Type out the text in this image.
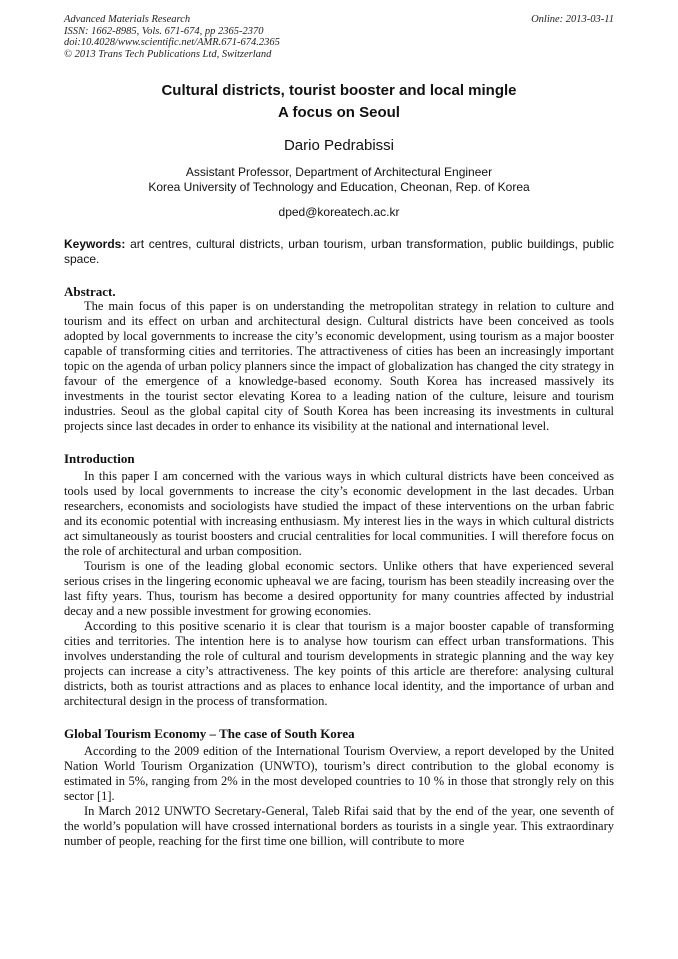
Advanced Materials Research
ISSN: 1662-8985, Vols. 671-674, pp 2365-2370
doi:10.4028/www.scientific.net/AMR.671-674.2365
© 2013 Trans Tech Publications Ltd, Switzerland
Online: 2013-03-11
Cultural districts, tourist booster and local mingle
A focus on Seoul
Dario Pedrabissi
Assistant Professor, Department of Architectural Engineer
Korea University of Technology and Education, Cheonan, Rep. of Korea
dped@koreatech.ac.kr
Keywords: art centres, cultural districts, urban tourism, urban transformation, public buildings, public space.
Abstract.

The main focus of this paper is on understanding the metropolitan strategy in relation to culture and tourism and its effect on urban and architectural design. Cultural districts have been conceived as tools adopted by local governments to increase the city’s economic development, using tourism as a major booster capable of transforming cities and territories. The attractiveness of cities has been an increasingly important topic on the agenda of urban policy planners since the impact of globalization has changed the city strategy in favour of the emergence of a knowledge-based economy. South Korea has increased massively its investments in the tourist sector elevating Korea to a leading nation of the culture, leisure and tourism industries. Seoul as the global capital city of South Korea has been increasing its investments in cultural projects since last decades in order to enhance its visibility at the national and international level.

Introduction

In this paper I am concerned with the various ways in which cultural districts have been conceived as tools used by local governments to increase the city’s economic development in the last decades. Urban researchers, economists and sociologists have studied the impact of these interventions on the urban fabric and its economic potential with increasing enthusiasm. My interest lies in the ways in which cultural districts act simultaneously as tourist boosters and crucial centralities for local communities. I will therefore focus on the role of architectural and urban composition.

Tourism is one of the leading global economic sectors. Unlike others that have experienced several serious crises in the lingering economic upheaval we are facing, tourism has been steadily increasing over the last fifty years. Thus, tourism has become a desired opportunity for many countries affected by industrial decay and a new possible investment for growing economies.

According to this positive scenario it is clear that tourism is a major booster capable of transforming cities and territories. The intention here is to analyse how tourism can effect urban transformations. This involves understanding the role of cultural and tourism developments in strategic planning and the way key projects can increase a city’s attractiveness. The key points of this article are therefore: analysing cultural districts, both as tourist attractions and as places to enhance local identity, and the importance of urban and architectural design in the process of transformation.

Global Tourism Economy – The case of South Korea

According to the 2009 edition of the International Tourism Overview, a report developed by the United Nation World Tourism Organization (UNWTO), tourism’s direct contribution to the global economy is estimated in 5%, ranging from 2% in the most developed countries to 10 % in those that strongly rely on this sector [1].

In March 2012 UNWTO Secretary-General, Taleb Rifai said that by the end of the year, one seventh of the world’s population will have crossed international borders as tourists in a single year. This extraordinary number of people, reaching for the first time one billion, will contribute to more
